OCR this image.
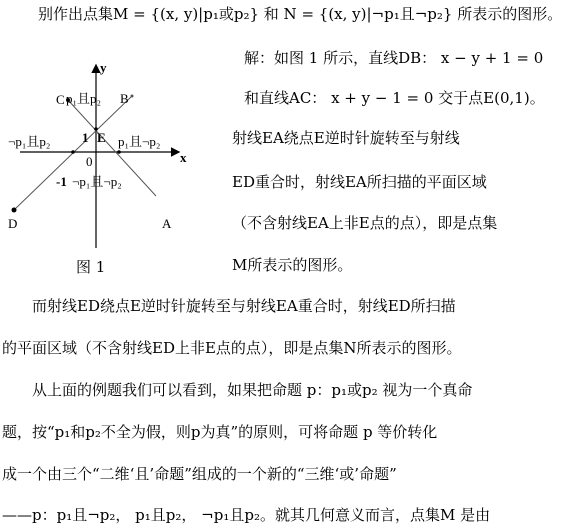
别作出点集M = {(x, y)|p₁或p₂} 和 N = {(x, y)|¬p₁且¬p₂} 所表示的图形。
y
x
C	B
p₁且p₂
¬p₁且p₂ 1 E p₁且¬p₂
0
-1 ¬p₁且¬p₂
D	A
图 1
解：如图 1 所示，直线DB： x − y + 1 = 0
和直线AC： x + y − 1 = 0 交于点E(0,1)。
射线EA绕点E逆时针旋转至与射线
ED重合时，射线EA所扫描的平面区域
（不含射线EA上非E点的点），即是点集
M所表示的图形。
而射线ED绕点E逆时针旋转至与射线EA重合时，射线ED所扫描
的平面区域（不含射线ED上非E点的点），即是点集N所表示的图形。
从上面的例题我们可以看到，如果把命题 p：p₁或p₂ 视为一个真命
题，按“p₁和p₂不全为假，则p为真”的原则，可将命题 p 等价转化
成一个由三个“二维‘且’命题”组成的一个新的“三维‘或’命题”
——p：p₁且¬p₂， p₁且p₂， ¬p₁且p₂。就其几何意义而言，点集M 是由
